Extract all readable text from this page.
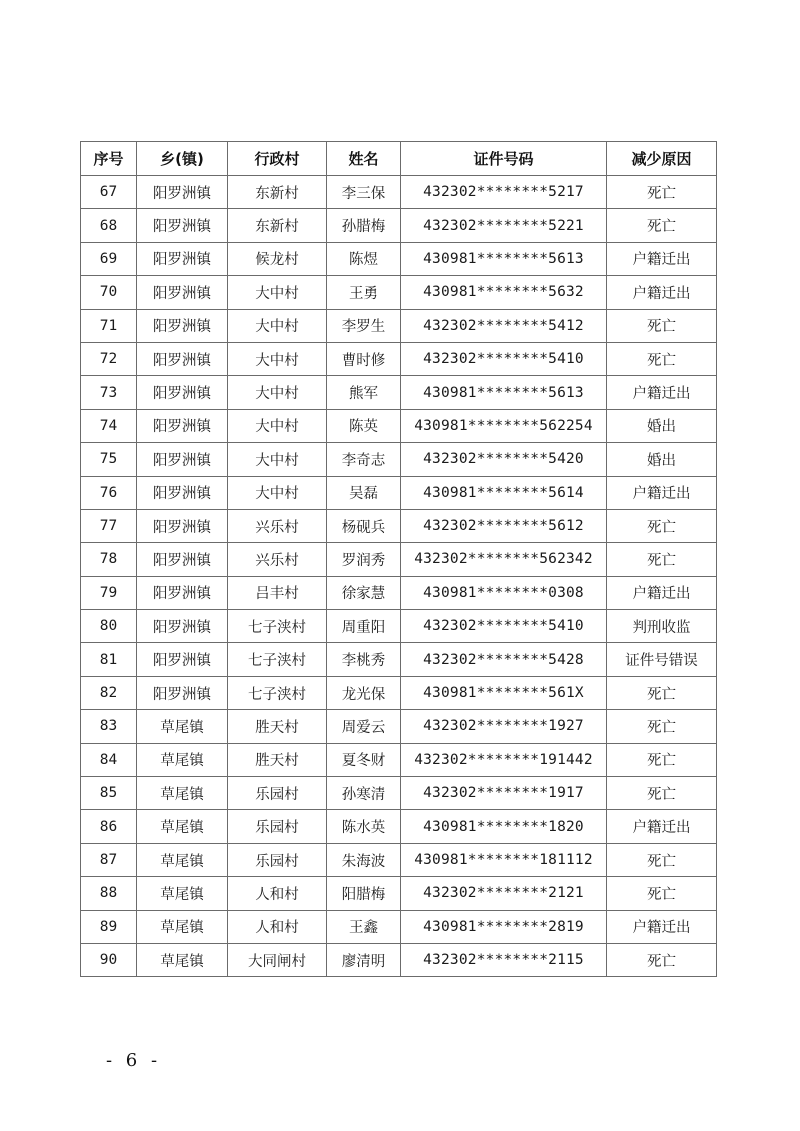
序号	乡(镇)	行政村	姓名	证件号码	减少原因
67	阳罗洲镇	东新村	李三保	432302********5217	死亡
68	阳罗洲镇	东新村	孙腊梅	432302********5221	死亡
69	阳罗洲镇	候龙村	陈煜	430981********5613	户籍迁出
70	阳罗洲镇	大中村	王勇	430981********5632	户籍迁出
71	阳罗洲镇	大中村	李罗生	432302********5412	死亡
72	阳罗洲镇	大中村	曹时修	432302********5410	死亡
73	阳罗洲镇	大中村	熊军	430981********5613	户籍迁出
74	阳罗洲镇	大中村	陈英	430981********562254	婚出
75	阳罗洲镇	大中村	李奇志	432302********5420	婚出
76	阳罗洲镇	大中村	吴磊	430981********5614	户籍迁出
77	阳罗洲镇	兴乐村	杨砚兵	432302********5612	死亡
78	阳罗洲镇	兴乐村	罗润秀	432302********562342	死亡
79	阳罗洲镇	吕丰村	徐家慧	430981********0308	户籍迁出
80	阳罗洲镇	七子浃村	周重阳	432302********5410	判刑收监
81	阳罗洲镇	七子浃村	李桃秀	432302********5428	证件号错误
82	阳罗洲镇	七子浃村	龙光保	430981********561X	死亡
83	草尾镇	胜天村	周爱云	432302********1927	死亡
84	草尾镇	胜天村	夏冬财	432302********191442	死亡
85	草尾镇	乐园村	孙寒清	432302********1917	死亡
86	草尾镇	乐园村	陈水英	430981********1820	户籍迁出
87	草尾镇	乐园村	朱海波	430981********181112	死亡
88	草尾镇	人和村	阳腊梅	432302********2121	死亡
89	草尾镇	人和村	王鑫	430981********2819	户籍迁出
90	草尾镇	大同闸村	廖清明	432302********2115	死亡
- 6 -
